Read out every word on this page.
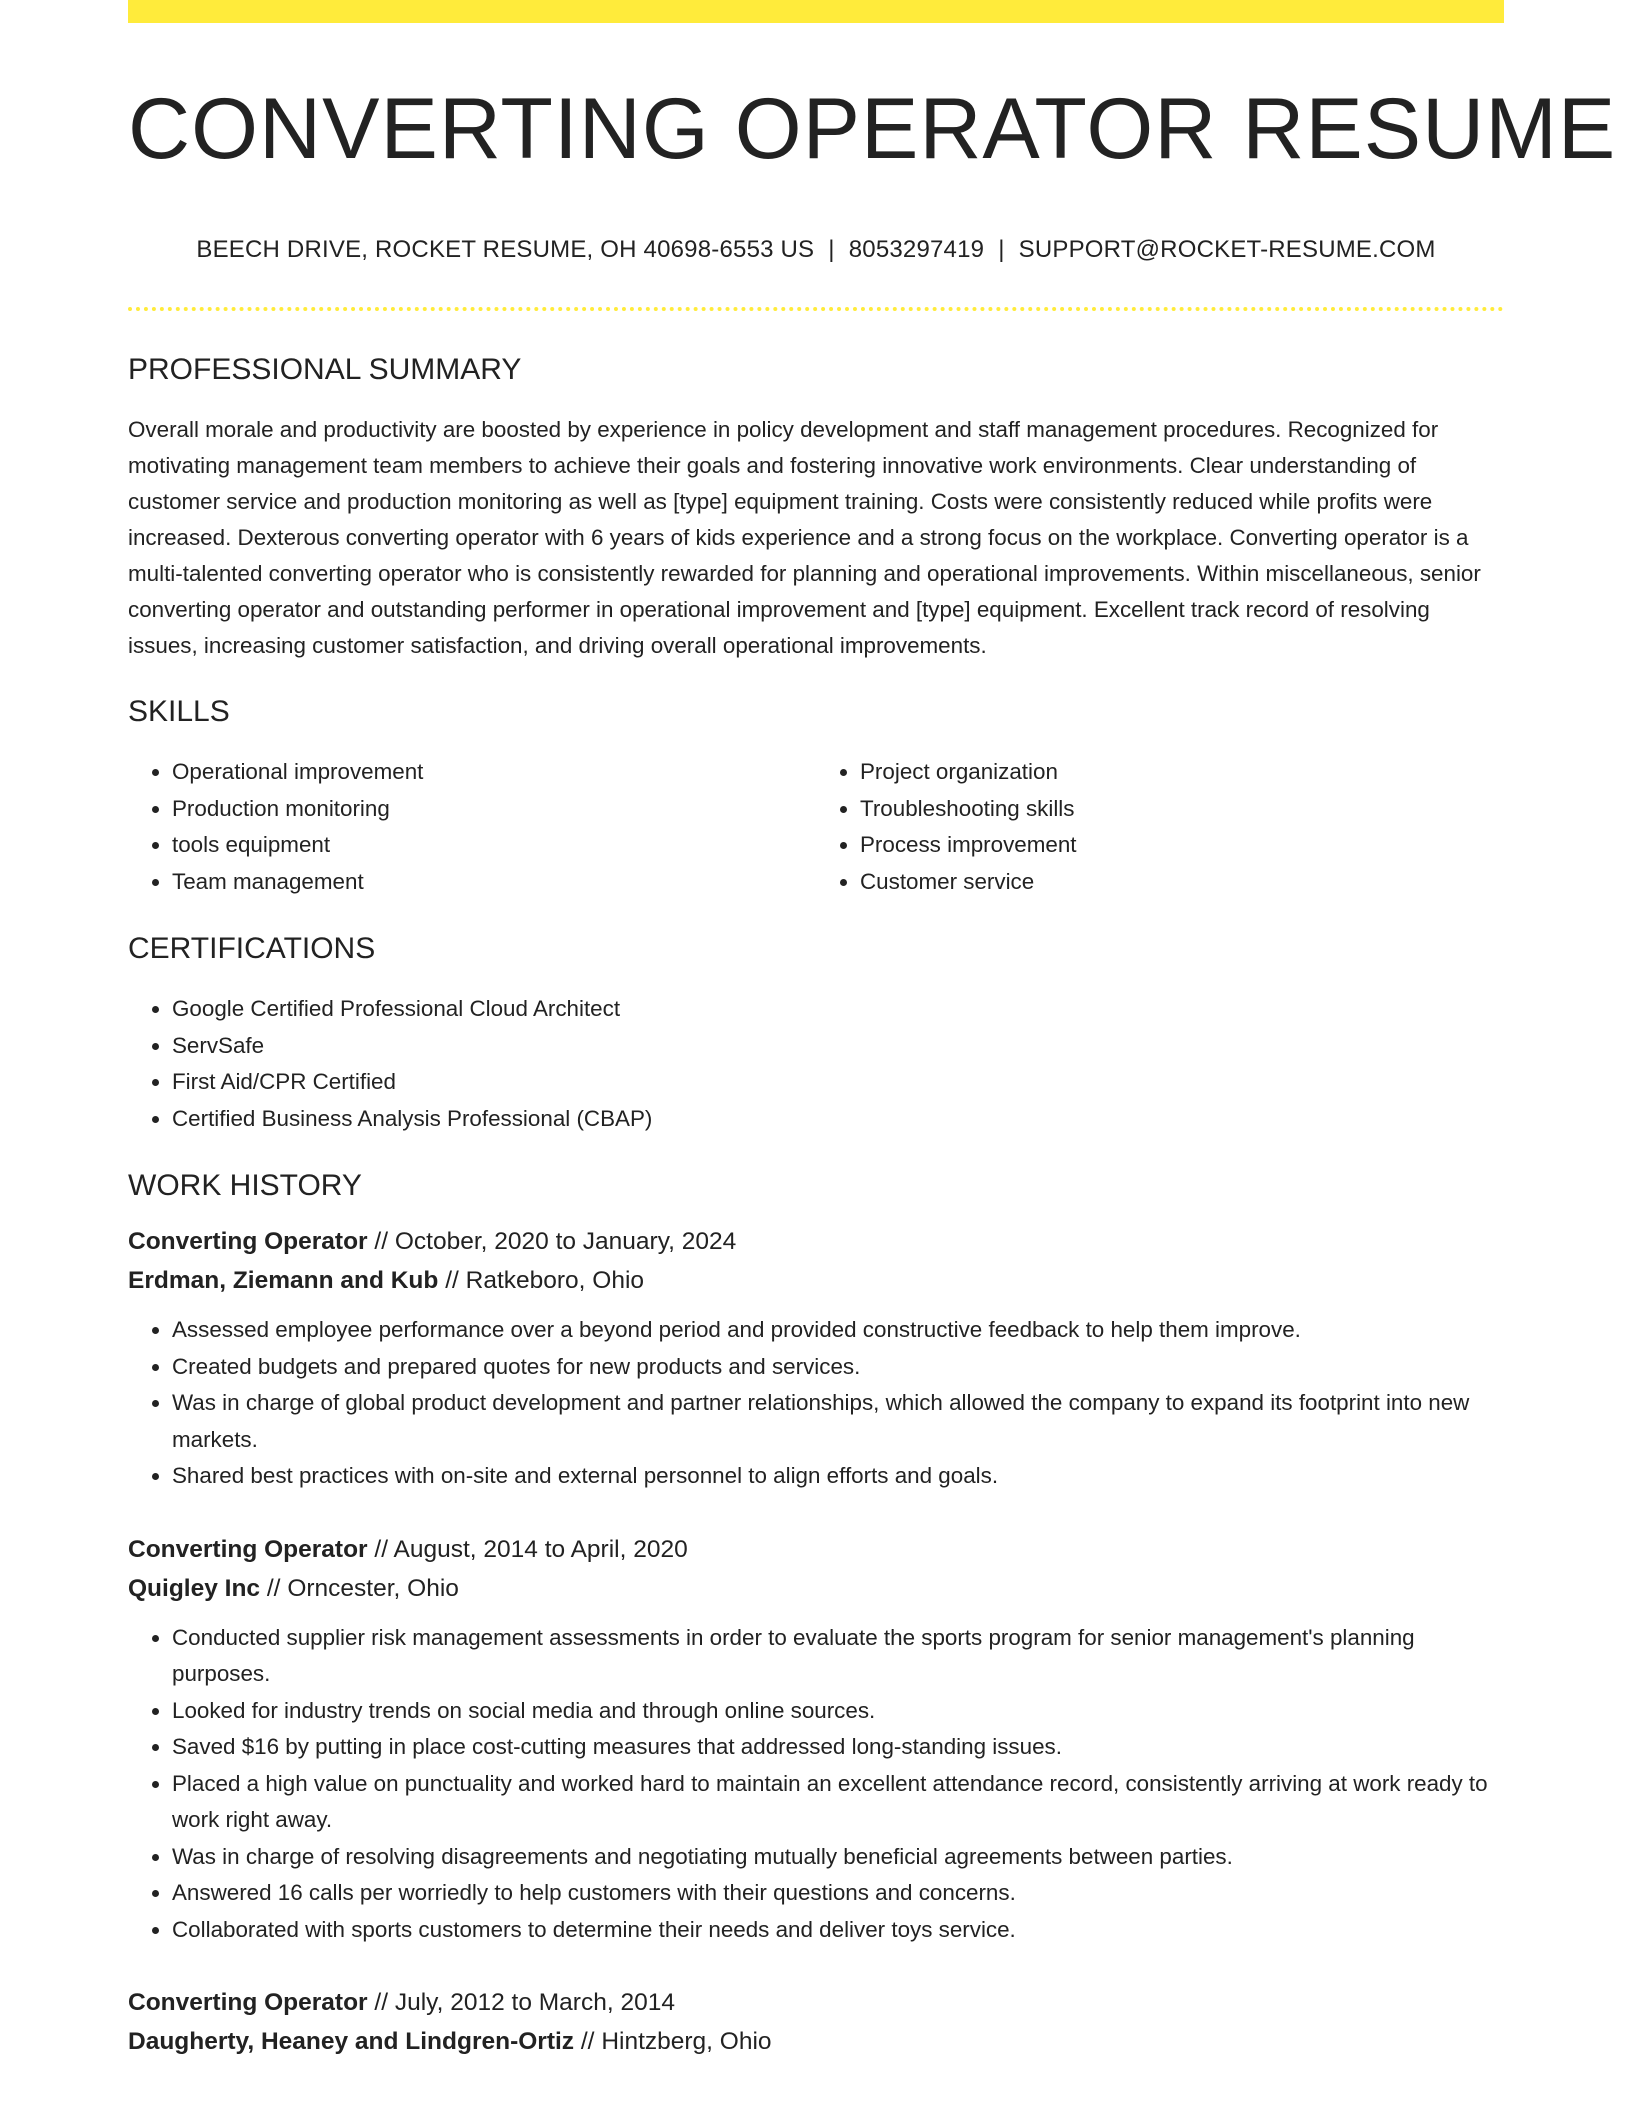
CONVERTING OPERATOR RESUME
BEECH DRIVE, ROCKET RESUME, OH 40698-6553 US | 8053297419 | SUPPORT@ROCKET-RESUME.COM
PROFESSIONAL SUMMARY

Overall morale and productivity are boosted by experience in policy development and staff management procedures. Recognized for motivating management team members to achieve their goals and fostering innovative work environments. Clear understanding of customer service and production monitoring as well as [type] equipment training. Costs were consistently reduced while profits were increased. Dexterous converting operator with 6 years of kids experience and a strong focus on the workplace. Converting operator is a multi-talented converting operator who is consistently rewarded for planning and operational improvements. Within miscellaneous, senior converting operator and outstanding performer in operational improvement and [type] equipment. Excellent track record of resolving issues, increasing customer satisfaction, and driving overall operational improvements.

SKILLS
• Operational improvement
• Production monitoring
• tools equipment
• Team management
• Project organization
• Troubleshooting skills
• Process improvement
• Customer service
CERTIFICATIONS
• Google Certified Professional Cloud Architect
• ServSafe
• First Aid/CPR Certified
• Certified Business Analysis Professional (CBAP)
WORK HISTORY
Converting Operator // October, 2020 to January, 2024
Erdman, Ziemann and Kub // Ratkeboro, Ohio
• Assessed employee performance over a beyond period and provided constructive feedback to help them improve.
• Created budgets and prepared quotes for new products and services.
• Was in charge of global product development and partner relationships, which allowed the company to expand its footprint into new markets.
• Shared best practices with on-site and external personnel to align efforts and goals.
Converting Operator // August, 2014 to April, 2020
Quigley Inc // Orncester, Ohio
• Conducted supplier risk management assessments in order to evaluate the sports program for senior management's planning purposes.
• Looked for industry trends on social media and through online sources.
• Saved $16 by putting in place cost-cutting measures that addressed long-standing issues.
• Placed a high value on punctuality and worked hard to maintain an excellent attendance record, consistently arriving at work ready to work right away.
• Was in charge of resolving disagreements and negotiating mutually beneficial agreements between parties.
• Answered 16 calls per worriedly to help customers with their questions and concerns.
• Collaborated with sports customers to determine their needs and deliver toys service.
Converting Operator // July, 2012 to March, 2014
Daugherty, Heaney and Lindgren-Ortiz // Hintzberg, Ohio
